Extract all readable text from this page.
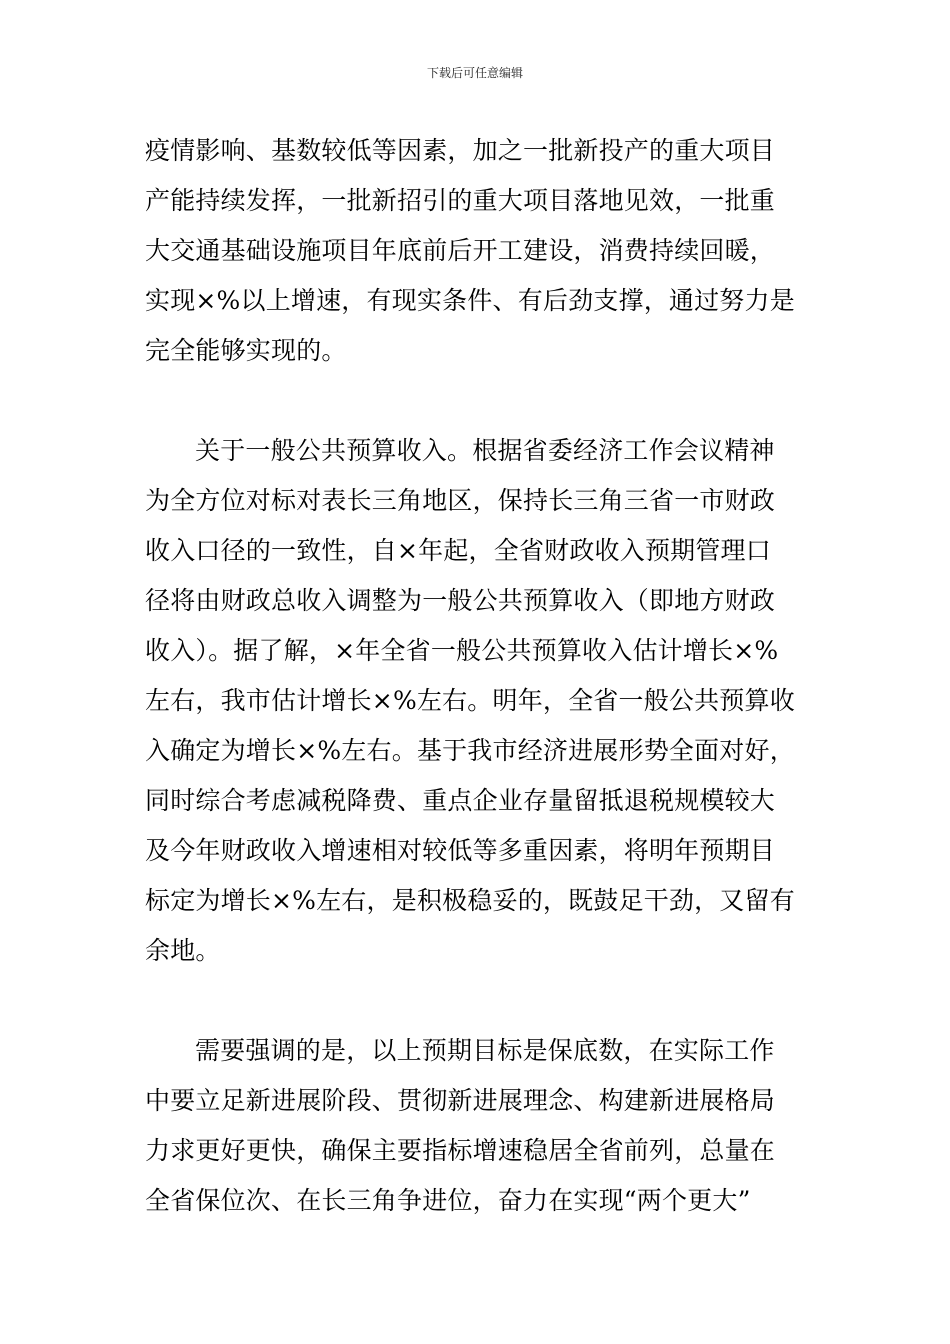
下载后可任意编辑
疫情影响、基数较低等因素，加之一批新投产的重大项目
产能持续发挥，一批新招引的重大项目落地见效，一批重
大交通基础设施项目年底前后开工建设，消费持续回暖，
实现×%以上增速，有现实条件、有后劲支撑，通过努力是
完全能够实现的。
关于一般公共预算收入。根据省委经济工作会议精神
为全方位对标对表长三角地区，保持长三角三省一市财政
收入口径的一致性，自×年起，全省财政收入预期管理口
径将由财政总收入调整为一般公共预算收入（即地方财政
收入）。据了解，×年全省一般公共预算收入估计增长×%
左右，我市估计增长×%左右。明年，全省一般公共预算收
入确定为增长×%左右。基于我市经济进展形势全面对好，
同时综合考虑减税降费、重点企业存量留抵退税规模较大
及今年财政收入增速相对较低等多重因素，将明年预期目
标定为增长×%左右，是积极稳妥的，既鼓足干劲，又留有
余地。
需要强调的是，以上预期目标是保底数，在实际工作
中要立足新进展阶段、贯彻新进展理念、构建新进展格局
力求更好更快，确保主要指标增速稳居全省前列，总量在
全省保位次、在长三角争进位，奋力在实现“两个更大”
